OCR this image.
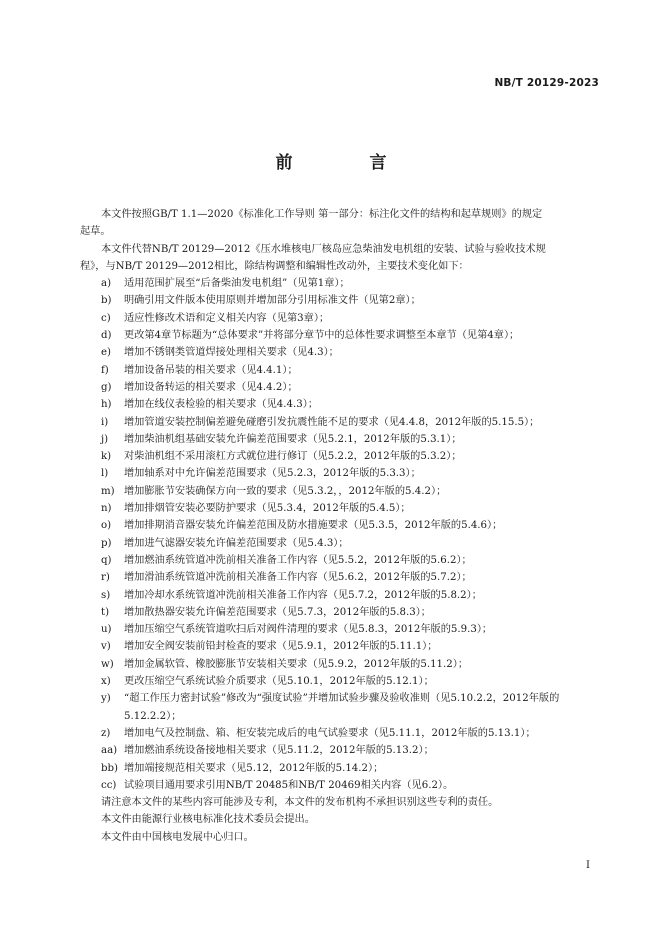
NB/T 20129-2023
前　言

本文件按照GB/T 1.1—2020《标准化工作导则 第一部分：标注化文件的结构和起草规则》的规定

起草。

本文件代替NB/T 20129—2012《压水堆核电厂核岛应急柴油发电机组的安装、试验与验收技术规

程》，与NB/T 20129—2012相比，除结构调整和编辑性改动外，主要技术变化如下：

a)	适用范围扩展至“后备柴油发电机组”（见第1章）；
b)	明确引用文件版本使用原则并增加部分引用标准文件（见第2章）；
c)	适应性修改术语和定义相关内容（见第3章）；
d)	更改第4章节标题为“总体要求”并将部分章节中的总体性要求调整至本章节（见第4章）；
e)	增加不锈钢类管道焊接处理相关要求（见4.3）；
f)	增加设备吊装的相关要求（见4.4.1）；
g)	增加设备转运的相关要求（见4.4.2）；
h)	增加在线仪表检验的相关要求（见4.4.3）；
i)	增加管道安装控制偏差避免碰磨引发抗震性能不足的要求（见4.4.8，2012年版的5.15.5）；
j)	增加柴油机组基础安装允许偏差范围要求（见5.2.1，2012年版的5.3.1）；
k)	对柴油机组不采用滚杠方式就位进行修订（见5.2.2，2012年版的5.3.2）；
l)	增加轴系对中允许偏差范围要求（见5.2.3，2012年版的5.3.3）；
m) 增加膨胀节安装确保方向一致的要求（见5.3.2，，2012年版的5.4.2）；
n)	增加排烟管安装必要防护要求（见5.3.4，2012年版的5.4.5）；
o)	增加排期消音器安装允许偏差范围及防水措施要求（见5.3.5，2012年版的5.4.6）；
p)	增加进气滤器安装允许偏差范围要求（见5.4.3）；
q)	增加燃油系统管道冲洗前相关准备工作内容（见5.5.2，2012年版的5.6.2）；
r)	增加滑油系统管道冲洗前相关准备工作内容（见5.6.2，2012年版的5.7.2）；
s)	增加冷却水系统管道冲洗前相关准备工作内容（见5.7.2，2012年版的5.8.2）；
t)	增加散热器安装允许偏差范围要求（见5.7.3，2012年版的5.8.3）；
u)	增加压缩空气系统管道吹扫后对阀件清理的要求（见5.8.3，2012年版的5.9.3）；
v)	增加安全阀安装前铅封检查的要求（见5.9.1，2012年版的5.11.1）；
w)	增加金属软管、橡胶膨胀节安装相关要求（见5.9.2，2012年版的5.11.2）；
x)	更改压缩空气系统试验介质要求（见5.10.1，2012年版的5.12.1）；
y)	“超工作压力密封试验”修改为“强度试验”并增加试验步骤及验收准则（见5.10.2.2，2012年版的5.12.2.2）；
z)	增加电气及控制盘、箱、柜安装完成后的电气试验要求（见5.11.1，2012年版的5.13.1）；
aa) 增加燃油系统设备接地相关要求（见5.11.2，2012年版的5.13.2）；
bb) 增加端接规范相关要求（见5.12，2012年版的5.14.2）；
cc) 试验项目通用要求引用NB/T 20485和NB/T 20469相关内容（见6.2）。

请注意本文件的某些内容可能涉及专利，本文件的发布机构不承担识别这些专利的责任。

本文件由能源行业核电标准化技术委员会提出。

本文件由中国核电发展中心归口。

I
